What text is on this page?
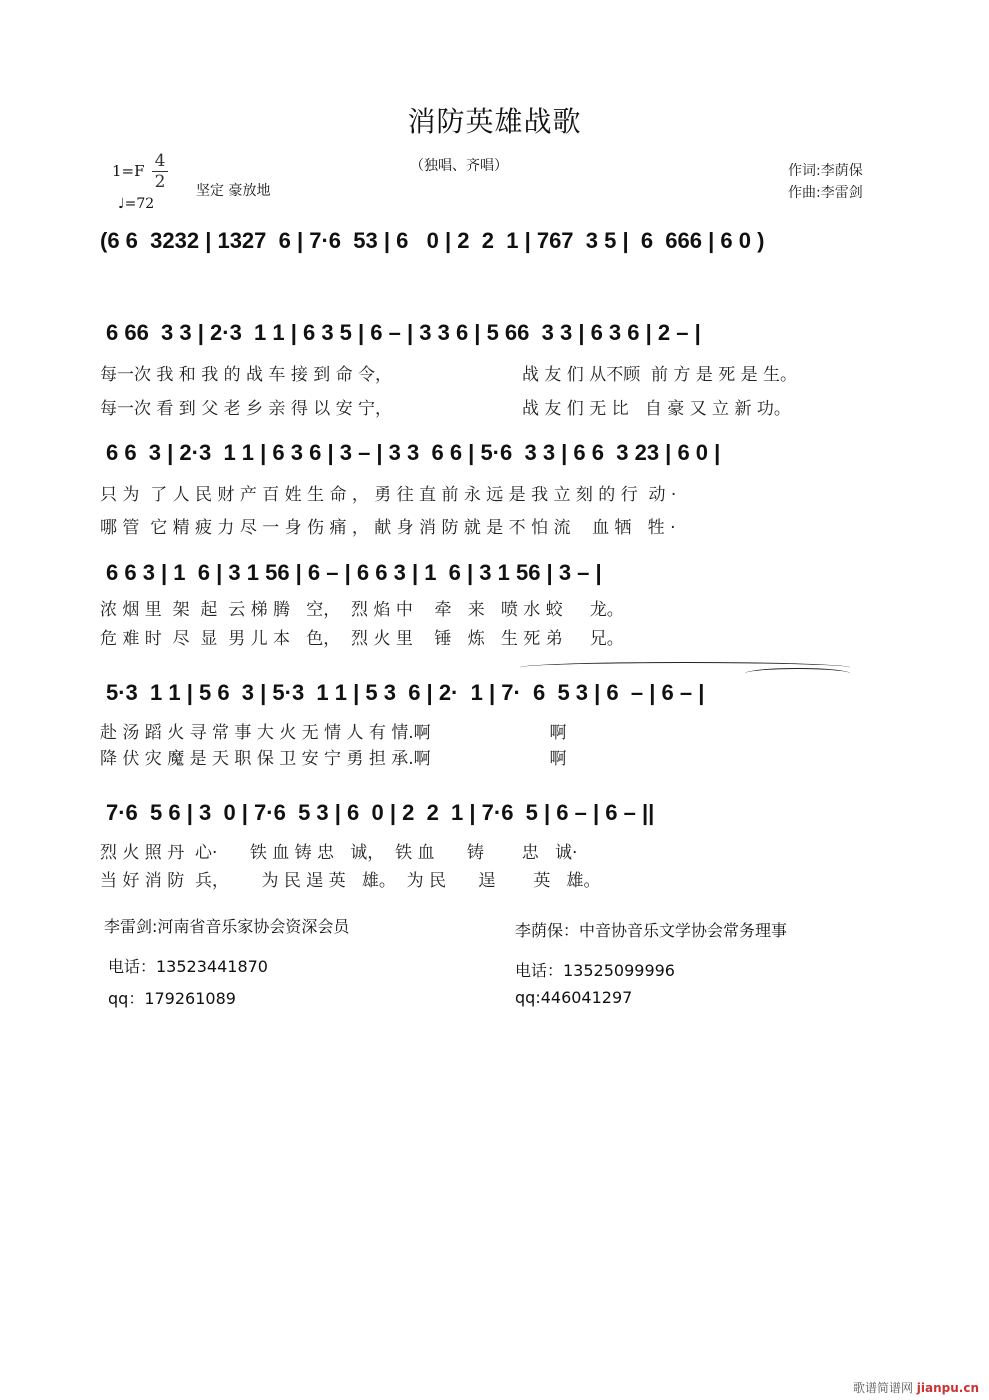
消防英雄战歌
（独唱、齐唱）
1=F 4
2
♩=72
坚定 豪放地
作词:李荫保
作曲:李雷剑
(6 6  3232 | 1327  6 | 7·6  53 | 6   0 | 2  2  1 | 767  3 5 |  6  666 | 6 0 )
6 66  3 3 | 2·3  1 1 | 6 3 5 | 6 – | 3 3 6 | 5 66  3 3 | 6 3 6 | 2 – |
每一次 我 和 我 的 战 车 接 到 命 令，
每一次 看 到 父 老 乡 亲 得 以 安 宁，
战 友 们 从不顾  前 方 是 死 是 生。
战 友 们 无 比   自 豪 又 立 新 功。
6 6  3 | 2·3  1 1 | 6 3 6 | 3 – | 3 3  6 6 | 5·6  3 3 | 6 6  3 23 | 6 0 |
只 为  了 人 民 财 产 百 姓 生 命 ， 勇 往 直 前 永 远 是 我 立 刻 的 行  动 ·
哪 管  它 精 疲 力 尽 一 身 伤 痛 ， 献 身 消 防 就 是 不 怕 流    血 牺   牲 ·
6 6 3 | 1  6 | 3 1 56 | 6 – | 6 6 3 | 1  6 | 3 1 56 | 3 – |
浓 烟 里  架  起  云 梯 腾   空，  烈 焰 中    牵   来   喷 水 蛟     龙。
危 难 时  尽  显  男 儿 本   色，  烈 火 里    锤   炼   生 死 弟     兄。
5·3  1 1 | 5 6  3 | 5·3  1 1 | 5 3  6 | 2·  1 | 7·  6  5 3 | 6  – | 6 – |
赴 汤 蹈 火 寻 常 事 大 火 无 情 人 有 情.啊                      啊
降 伏 灾 魔 是 天 职 保 卫 安 宁 勇 担 承.啊                      啊
7·6  5 6 | 3  0 | 7·6  5 3 | 6  0 | 2  2  1 | 7·6  5 | 6 – | 6 – ||
烈 火 照 丹  心·      铁 血 铸 忠   诚，  铁 血      铸       忠   诚·
当 好 消 防  兵，      为 民 逞 英   雄。  为 民      逞       英   雄。
李雷剑:河南省音乐家协会资深会员
电话：13523441870
qq：179261089
李荫保：中音协音乐文学协会常务理事
电话：13525099996
qq:446041297
歌谱简谱网 jianpu.cn
